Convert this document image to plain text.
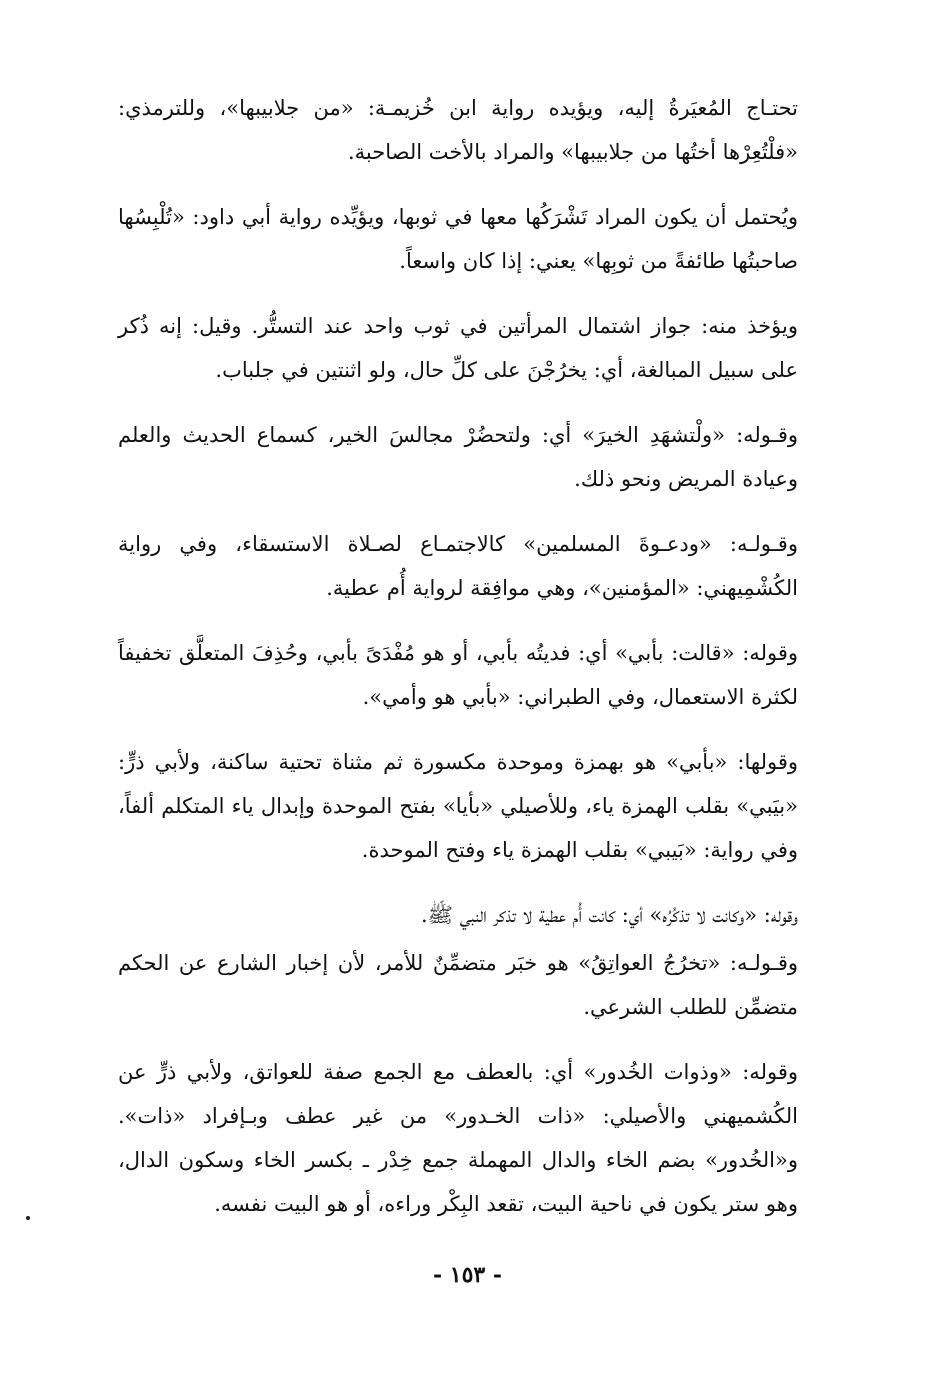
تحتـاج المُعيَرةُ إليه، ويؤيده رواية ابن خُزيمـة: «من جلابيبها»، وللترمذي: «فلْتُعِرْها أختُها من جلابيبها» والمراد بالأخت الصاحبة.

ويُحتمل أن يكون المراد تَشْرَكُها معها في ثوبها، ويؤيِّده رواية أبي داود: «تُلْبِسُها صاحبتُها طائفةً من ثوبِها» يعني: إذا كان واسعاً.

ويؤخذ منه: جواز اشتمال المرأتين في ثوب واحد عند التستُّر. وقيل: إنه ذُكر على سبيل المبالغة، أي: يخرُجْنَ على كلِّ حال، ولو اثنتين في جلباب.

وقـوله: «ولْتشهَدِ الخيرَ» أي: ولتحضُرْ مجالسَ الخير، كسماع الحديث والعلم وعيادة المريض ونحو ذلك.

وقـولـه: «ودعـوةَ المسلمين» كالاجتمـاع لصـلاة الاستسقاء، وفي رواية الكُشْمِيهني: «المؤمنين»، وهي موافِقة لرواية أُم عطية.

وقوله: «قالت: بأبي» أي: فديتُه بأبي، أو هو مُفْدَىً بأبي، وحُذِفَ المتعلَّق تخفيفاً لكثرة الاستعمال، وفي الطبراني: «بأبي هو وأمي».

وقولها: «بأبي» هو بهمزة وموحدة مكسورة ثم مثناة تحتية ساكنة، ولأبي ذرٍّ: «بيَبي» بقلب الهمزة ياء، وللأصيلي «بأيا» بفتح الموحدة وإبدال ياء المتكلم ألفاً، وفي رواية: «بَيبي» بقلب الهمزة ياء وفتح الموحدة.

وقوله: «وكانت لا تذكُرُه» أي: كانت أُم عطية لا تذكر النبي ﷺ.

وقـولـه: «تخرُجُ العواتِقُ» هو خبَر متضمِّنٌ للأمر، لأن إخبار الشارع عن الحكم متضمِّن للطلب الشرعي.

وقوله: «وذوات الخُدور» أي: بالعطف مع الجمع صفة للعواتق، ولأبي ذرٍّ عن الكُشميهني والأصيلي: «ذات الخـدور» من غير عطف وبـإفراد «ذات». و«الخُدور» بضم الخاء والدال المهملة جمع خِدْر ـ بكسر الخاء وسكون الدال، وهو ستر يكون في ناحية البيت، تقعد البِكْر وراءه، أو هو البيت نفسه.

- ١٥٣ -
